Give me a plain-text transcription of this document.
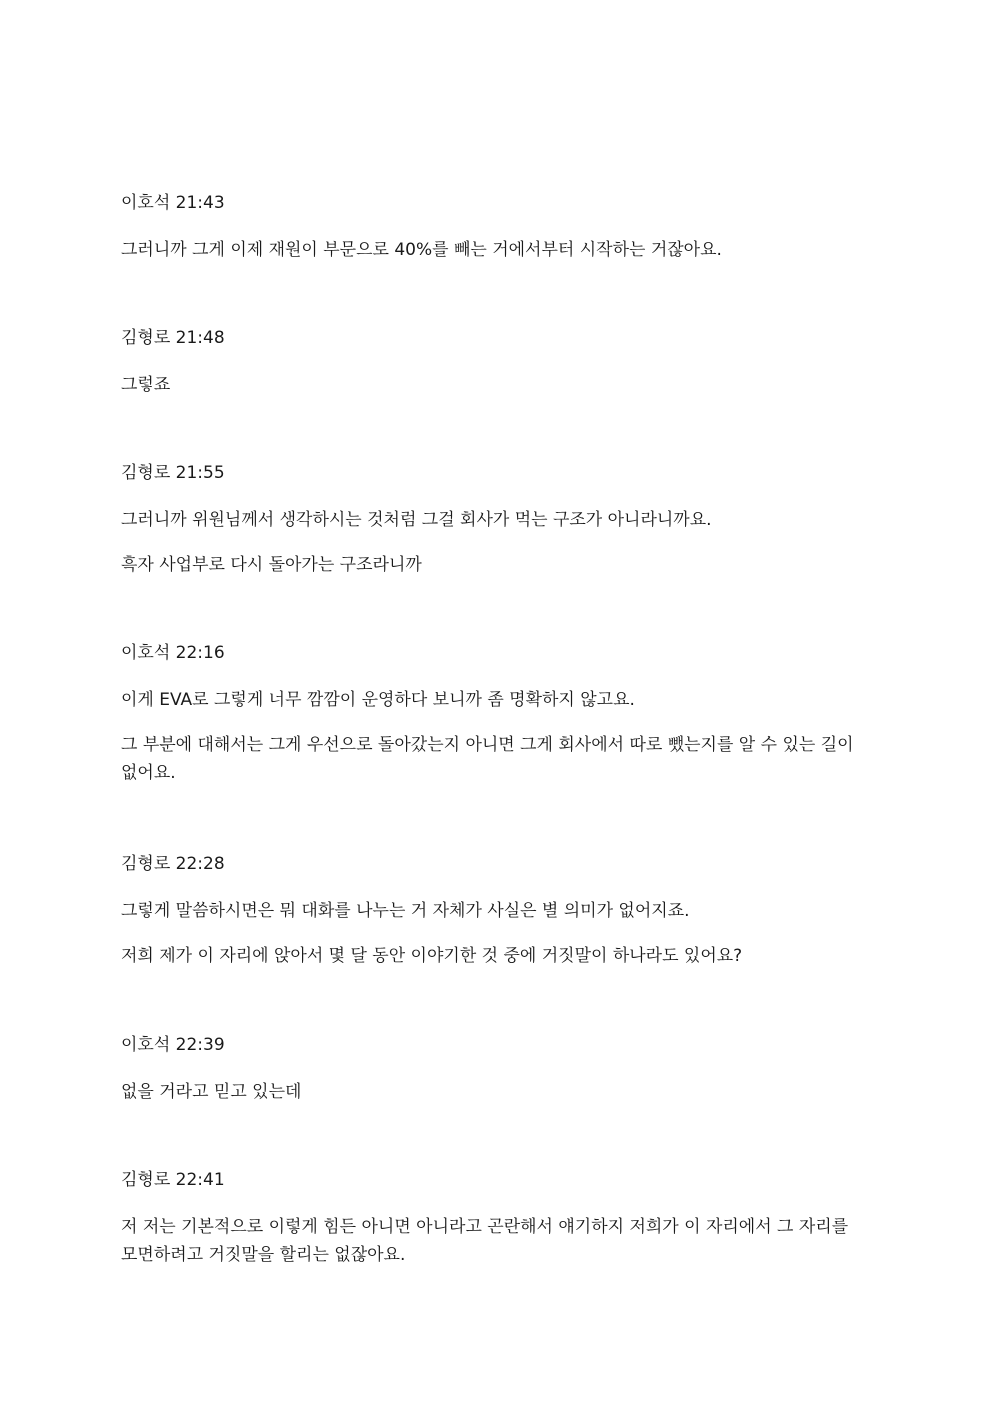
이호석 21:43
그러니까 그게 이제 재원이 부문으로 40%를 빼는 거에서부터 시작하는 거잖아요.
김형로 21:48
그렇죠
김형로 21:55
그러니까 위원님께서 생각하시는 것처럼 그걸 회사가 먹는 구조가 아니라니까요.
흑자 사업부로 다시 돌아가는 구조라니까
이호석 22:16
이게 EVA로 그렇게 너무 깜깜이 운영하다 보니까 좀 명확하지 않고요.
그 부분에 대해서는 그게 우선으로 돌아갔는지 아니면 그게 회사에서 따로 뺐는지를 알 수 있는 길이 없어요.
김형로 22:28
그렇게 말씀하시면은 뭐 대화를 나누는 거 자체가 사실은 별 의미가 없어지죠.
저희 제가 이 자리에 앉아서 몇 달 동안 이야기한 것 중에 거짓말이 하나라도 있어요?
이호석 22:39
없을 거라고 믿고 있는데
김형로 22:41
저 저는 기본적으로 이렇게 힘든 아니면 아니라고 곤란해서 얘기하지 저희가 이 자리에서 그 자리를 모면하려고 거짓말을 할리는 없잖아요.
